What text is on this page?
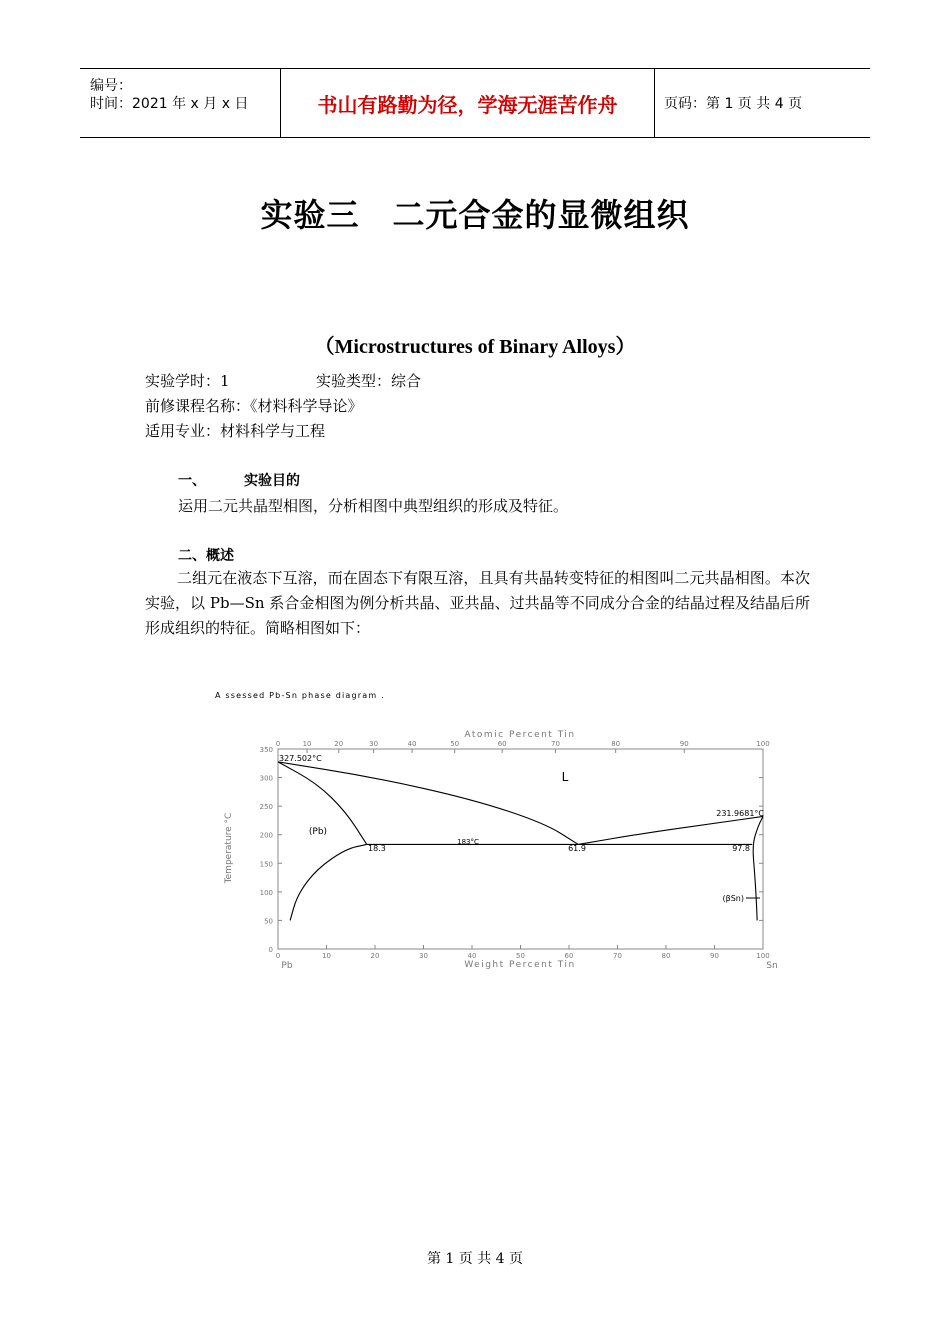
编号：
时间：2021 年 x 月 x 日	书山有路勤为径，学海无涯苦作舟	页码：第 1 页 共 4 页
实验三　二元合金的显微组织
（Microstructures of Binary Alloys）
实验学时：1	实验类型：综合
前修课程名称：《材料科学导论》
适用专业：材料科学与工程
一、	实验目的
运用二元共晶型相图，分析相图中典型组织的形成及特征。
二、概述
二组元在液态下互溶，而在固态下有限互溶，且具有共晶转变特征的相图叫二元共晶相图。本次实验，以 Pb—Sn 系合金相图为例分析共晶、亚共晶、过共晶等不同成分合金的结晶过程及结晶后所形成组织的特征。简略相图如下：
A ssessed Pb-Sn phase diagram .
Atomic Percent Tin
0	10	20	30	40	50	60	70	80	90	100
0	10	20	30	40	50	60	70	80	90	100
0
50
100
150
200
250
300
350
Temperature °C
Weight Percent Tin
Pb	Sn
327.502°C
231.9681°C
183°C
18.3	61.9	97.8
L
(Pb)
(βSn)
第 1 页 共 4 页
